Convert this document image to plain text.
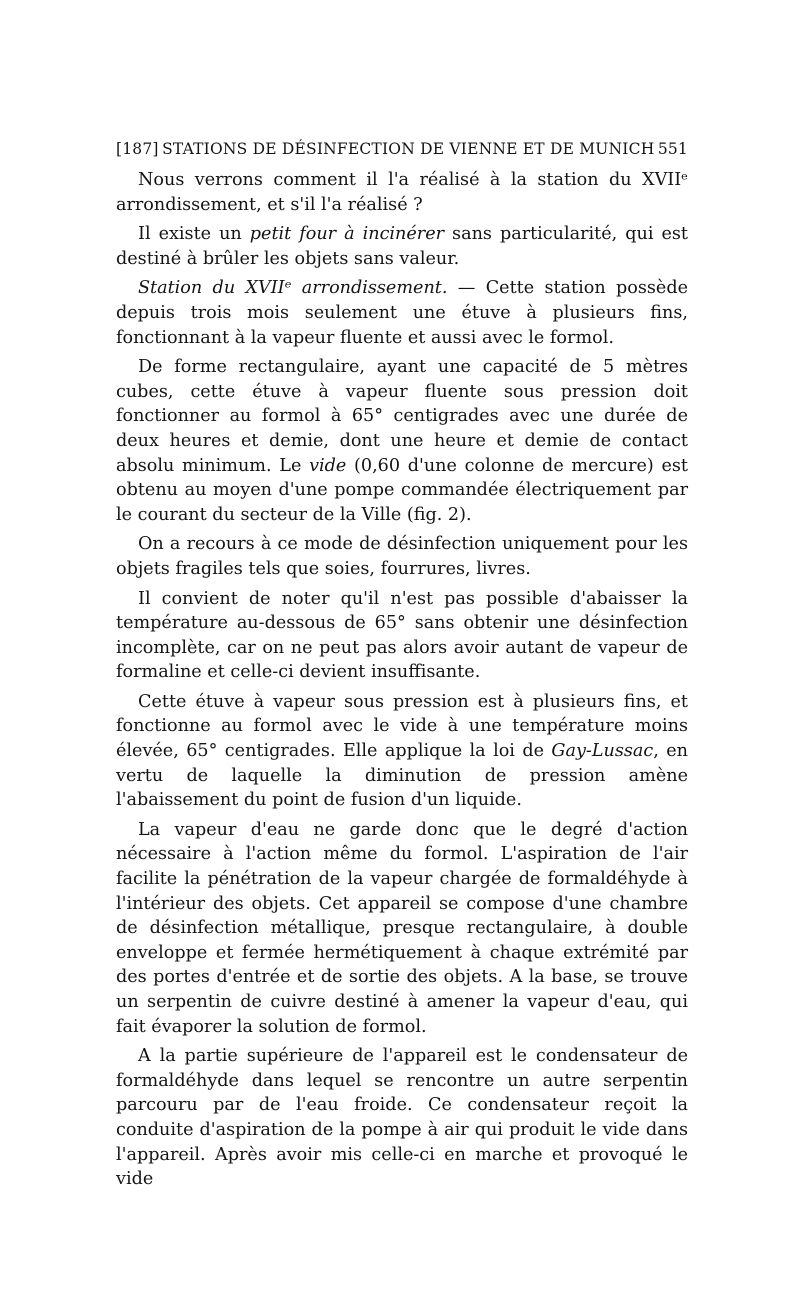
[187] STATIONS DE DÉSINFECTION DE VIENNE ET DE MUNICH 551

Nous verrons comment il l'a réalisé à la station du XVIIᵉ arrondissement, et s'il l'a réalisé ?

Il existe un petit four à incinérer sans particularité, qui est destiné à brûler les objets sans valeur.

Station du XVIIᵉ arrondissement. — Cette station possède depuis trois mois seulement une étuve à plusieurs fins, fonctionnant à la vapeur fluente et aussi avec le formol.

De forme rectangulaire, ayant une capacité de 5 mètres cubes, cette étuve à vapeur fluente sous pression doit fonctionner au formol à 65° centigrades avec une durée de deux heures et demie, dont une heure et demie de contact absolu minimum. Le vide (0,60 d'une colonne de mercure) est obtenu au moyen d'une pompe commandée électriquement par le courant du secteur de la Ville (fig. 2).

On a recours à ce mode de désinfection uniquement pour les objets fragiles tels que soies, fourrures, livres.

Il convient de noter qu'il n'est pas possible d'abaisser la température au-dessous de 65° sans obtenir une désinfection incomplète, car on ne peut pas alors avoir autant de vapeur de formaline et celle-ci devient insuffisante.

Cette étuve à vapeur sous pression est à plusieurs fins, et fonctionne au formol avec le vide à une température moins élevée, 65° centigrades. Elle applique la loi de Gay-Lussac, en vertu de laquelle la diminution de pression amène l'abaissement du point de fusion d'un liquide.

La vapeur d'eau ne garde donc que le degré d'action nécessaire à l'action même du formol. L'aspiration de l'air facilite la pénétration de la vapeur chargée de formaldéhyde à l'intérieur des objets. Cet appareil se compose d'une chambre de désinfection métallique, presque rectangulaire, à double enveloppe et fermée hermétiquement à chaque extrémité par des portes d'entrée et de sortie des objets. A la base, se trouve un serpentin de cuivre destiné à amener la vapeur d'eau, qui fait évaporer la solution de formol.

A la partie supérieure de l'appareil est le condensateur de formaldéhyde dans lequel se rencontre un autre serpentin parcouru par de l'eau froide. Ce condensateur reçoit la conduite d'aspiration de la pompe à air qui produit le vide dans l'appareil. Après avoir mis celle-ci en marche et provoqué le vide
